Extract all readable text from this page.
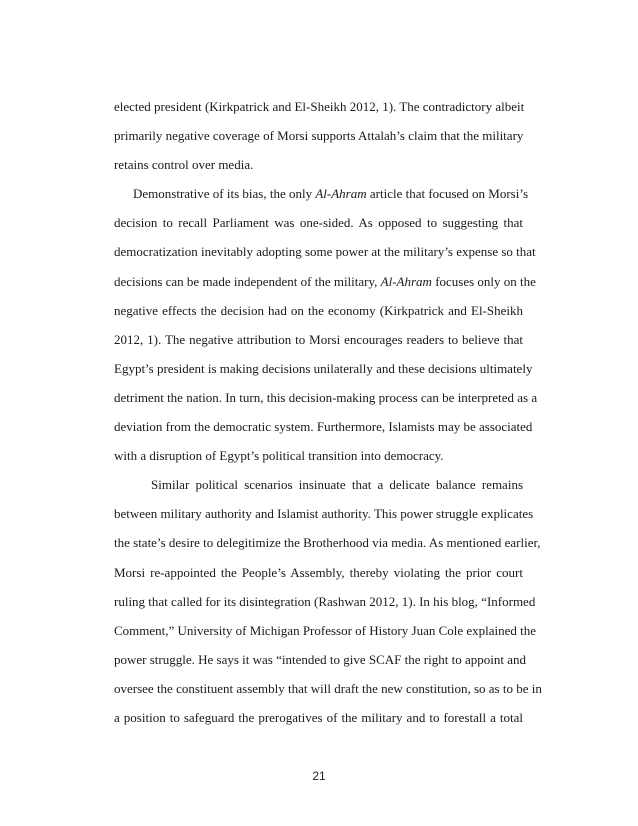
elected president (Kirkpatrick and El-Sheikh 2012, 1). The contradictory albeit
primarily negative coverage of Morsi supports Attalah’s claim that the military
retains control over media.
Demonstrative of its bias, the only Al-Ahram article that focused on Morsi’s
decision to recall Parliament was one-sided. As opposed to suggesting that
democratization inevitably adopting some power at the military’s expense so that
decisions can be made independent of the military, Al-Ahram focuses only on the
negative effects the decision had on the economy (Kirkpatrick and El-Sheikh
2012, 1). The negative attribution to Morsi encourages readers to believe that
Egypt’s president is making decisions unilaterally and these decisions ultimately
detriment the nation. In turn, this decision-making process can be interpreted as a
deviation from the democratic system. Furthermore, Islamists may be associated
with a disruption of Egypt’s political transition into democracy.
Similar political scenarios insinuate that a delicate balance remains
between military authority and Islamist authority. This power struggle explicates
the state’s desire to delegitimize the Brotherhood via media. As mentioned earlier,
Morsi re-appointed the People’s Assembly, thereby violating the prior court
ruling that called for its disintegration (Rashwan 2012, 1). In his blog, “Informed
Comment,” University of Michigan Professor of History Juan Cole explained the
power struggle. He says it was “intended to give SCAF the right to appoint and
oversee the constituent assembly that will draft the new constitution, so as to be in
a position to safeguard the prerogatives of the military and to forestall a total
21
